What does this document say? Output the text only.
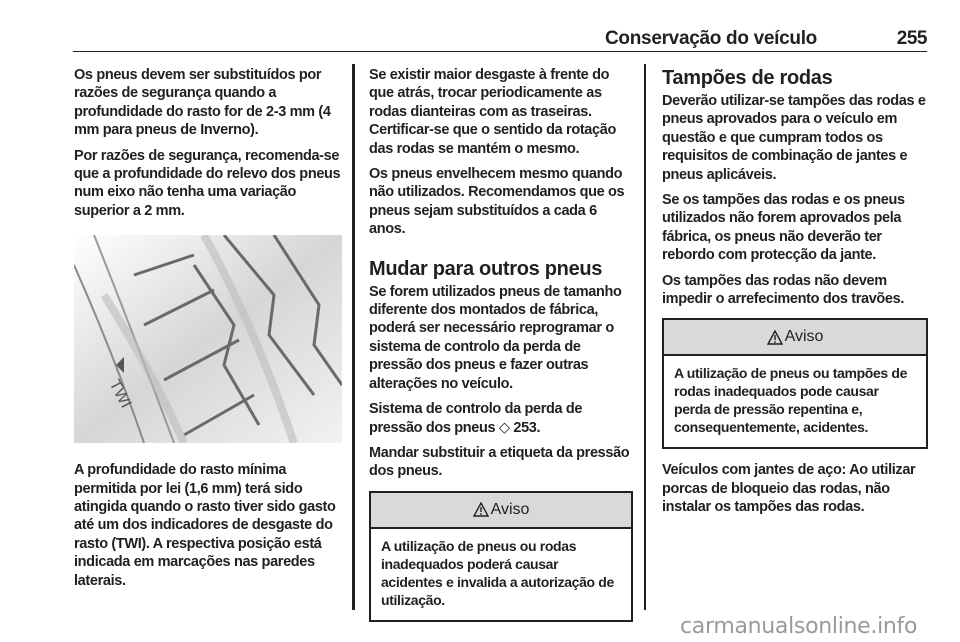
Conservação do veículo	255

Os pneus devem ser substituídos por razões de segurança quando a profundidade do rasto for de 2-3 mm (4 mm para pneus de Inverno).

Por razões de segurança, recomenda-se que a profundidade do relevo dos pneus num eixo não tenha uma variação superior a 2 mm.

TWI

A profundidade do rasto mínima permitida por lei (1,6 mm) terá sido atingida quando o rasto tiver sido gasto até um dos indicadores de desgaste do rasto (TWI). A respectiva posição está indicada em marcações nas paredes laterais.

Se existir maior desgaste à frente do que atrás, trocar periodicamente as rodas dianteiras com as traseiras. Certificar-se que o sentido da rotação das rodas se mantém o mesmo.

Os pneus envelhecem mesmo quando não utilizados. Recomendamos que os pneus sejam substituídos a cada 6 anos.

Mudar para outros pneus

Se forem utilizados pneus de tamanho diferente dos montados de fábrica, poderá ser necessário reprogramar o sistema de controlo da perda de pressão dos pneus e fazer outras alterações no veículo.

Sistema de controlo da perda de pressão dos pneus ◇ 253.

Mandar substituir a etiqueta da pressão dos pneus.

Aviso

A utilização de pneus ou rodas inadequados poderá causar acidentes e invalida a autorização de utilização.

Tampões de rodas

Deverão utilizar-se tampões das rodas e pneus aprovados para o veículo em questão e que cumpram todos os requisitos de combinação de jantes e pneus aplicáveis.

Se os tampões das rodas e os pneus utilizados não forem aprovados pela fábrica, os pneus não deverão ter rebordo com protecção da jante.

Os tampões das rodas não devem impedir o arrefecimento dos travões.

Aviso

A utilização de pneus ou tampões de rodas inadequados pode causar perda de pressão repentina e, consequentemente, acidentes.

Veículos com jantes de aço: Ao utilizar porcas de bloqueio das rodas, não instalar os tampões das rodas.

carmanualsonline.info
